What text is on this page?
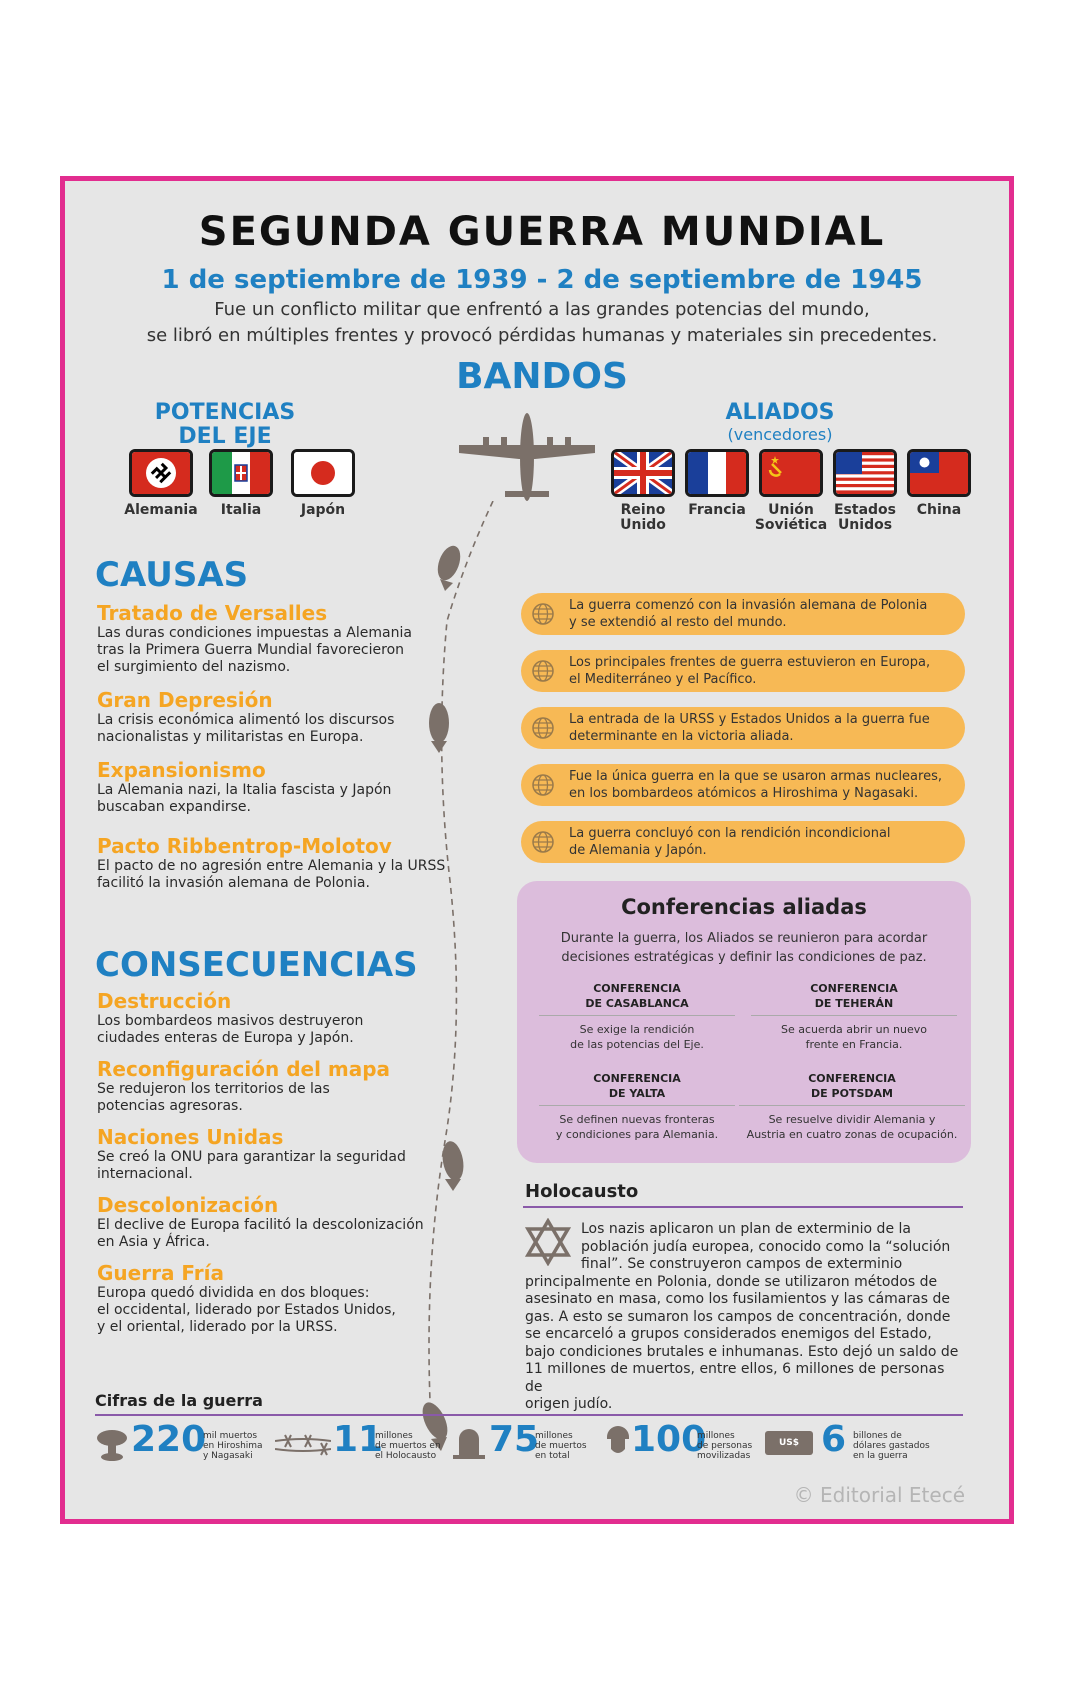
SEGUNDA GUERRA MUNDIAL
1 de septiembre de 1939 - 2 de septiembre de 1945
Fue un conflicto militar que enfrentó a las grandes potencias del mundo,
se libró en múltiples frentes y provocó pérdidas humanas y materiales sin precedentes.
BANDOS
POTENCIAS
DEL EJE
ALIADOS
(vencedores)
Alemania	Italia	Japón	Reino
Unido
Francia	Unión
Soviética
Estados
Unidos
China
CAUSAS
Tratado de Versalles
Las duras condiciones impuestas a Alemania
tras la Primera Guerra Mundial favorecieron
el surgimiento del nazismo.
Gran Depresión
La crisis económica alimentó los discursos
nacionalistas y militaristas en Europa.
Expansionismo
La Alemania nazi, la Italia fascista y Japón
buscaban expandirse.
Pacto Ribbentrop-Molotov
El pacto de no agresión entre Alemania y la URSS
facilitó la invasión alemana de Polonia.
CONSECUENCIAS
Destrucción
Los bombardeos masivos destruyeron
ciudades enteras de Europa y Japón.
Reconfiguración del mapa
Se redujeron los territorios de las
potencias agresoras.
Naciones Unidas
Se creó la ONU para garantizar la seguridad
internacional.
Descolonización
El declive de Europa facilitó la descolonización
en Asia y África.
Guerra Fría
Europa quedó dividida en dos bloques:
el occidental, liderado por Estados Unidos,
y el oriental, liderado por la URSS.
La guerra comenzó con la invasión alemana de Polonia
y se extendió al resto del mundo.
Los principales frentes de guerra estuvieron en Europa,
el Mediterráneo y el Pacífico.
La entrada de la URSS y Estados Unidos a la guerra fue
determinante en la victoria aliada.
Fue la única guerra en la que se usaron armas nucleares,
en los bombardeos atómicos a Hiroshima y Nagasaki.
La guerra concluyó con la rendición incondicional
de Alemania y Japón.
Conferencias aliadas
Durante la guerra, los Aliados se reunieron para acordar
decisiones estratégicas y definir las condiciones de paz.
CONFERENCIA
DE CASABLANCA
Se exige la rendición
de las potencias del Eje.
CONFERENCIA
DE TEHERÁN
Se acuerda abrir un nuevo
frente en Francia.
CONFERENCIA
DE YALTA
Se definen nuevas fronteras
y condiciones para Alemania.
CONFERENCIA
DE POTSDAM
Se resuelve dividir Alemania y
Austria en cuatro zonas de ocupación.
Holocausto
Los nazis aplicaron un plan de exterminio de la
población judía europea, conocido como la “solución
final”. Se construyeron campos de exterminio
principalmente en Polonia, donde se utilizaron métodos de
asesinato en masa, como los fusilamientos y las cámaras de
gas. A esto se sumaron los campos de concentración, donde
se encarceló a grupos considerados enemigos del Estado,
bajo condiciones brutales e inhumanas. Esto dejó un saldo de
11 millones de muertos, entre ellos, 6 millones de personas de
origen judío.
Cifras de la guerra
220
mil muertos
en Hiroshima
y Nagasaki	11
millones
de muertos en
el Holocausto 75
millones
de muertos
en total	100
millones
de personas
movilizadas
US$ 6 billones de
dólares gastados
en la guerra
© Editorial Etecé
